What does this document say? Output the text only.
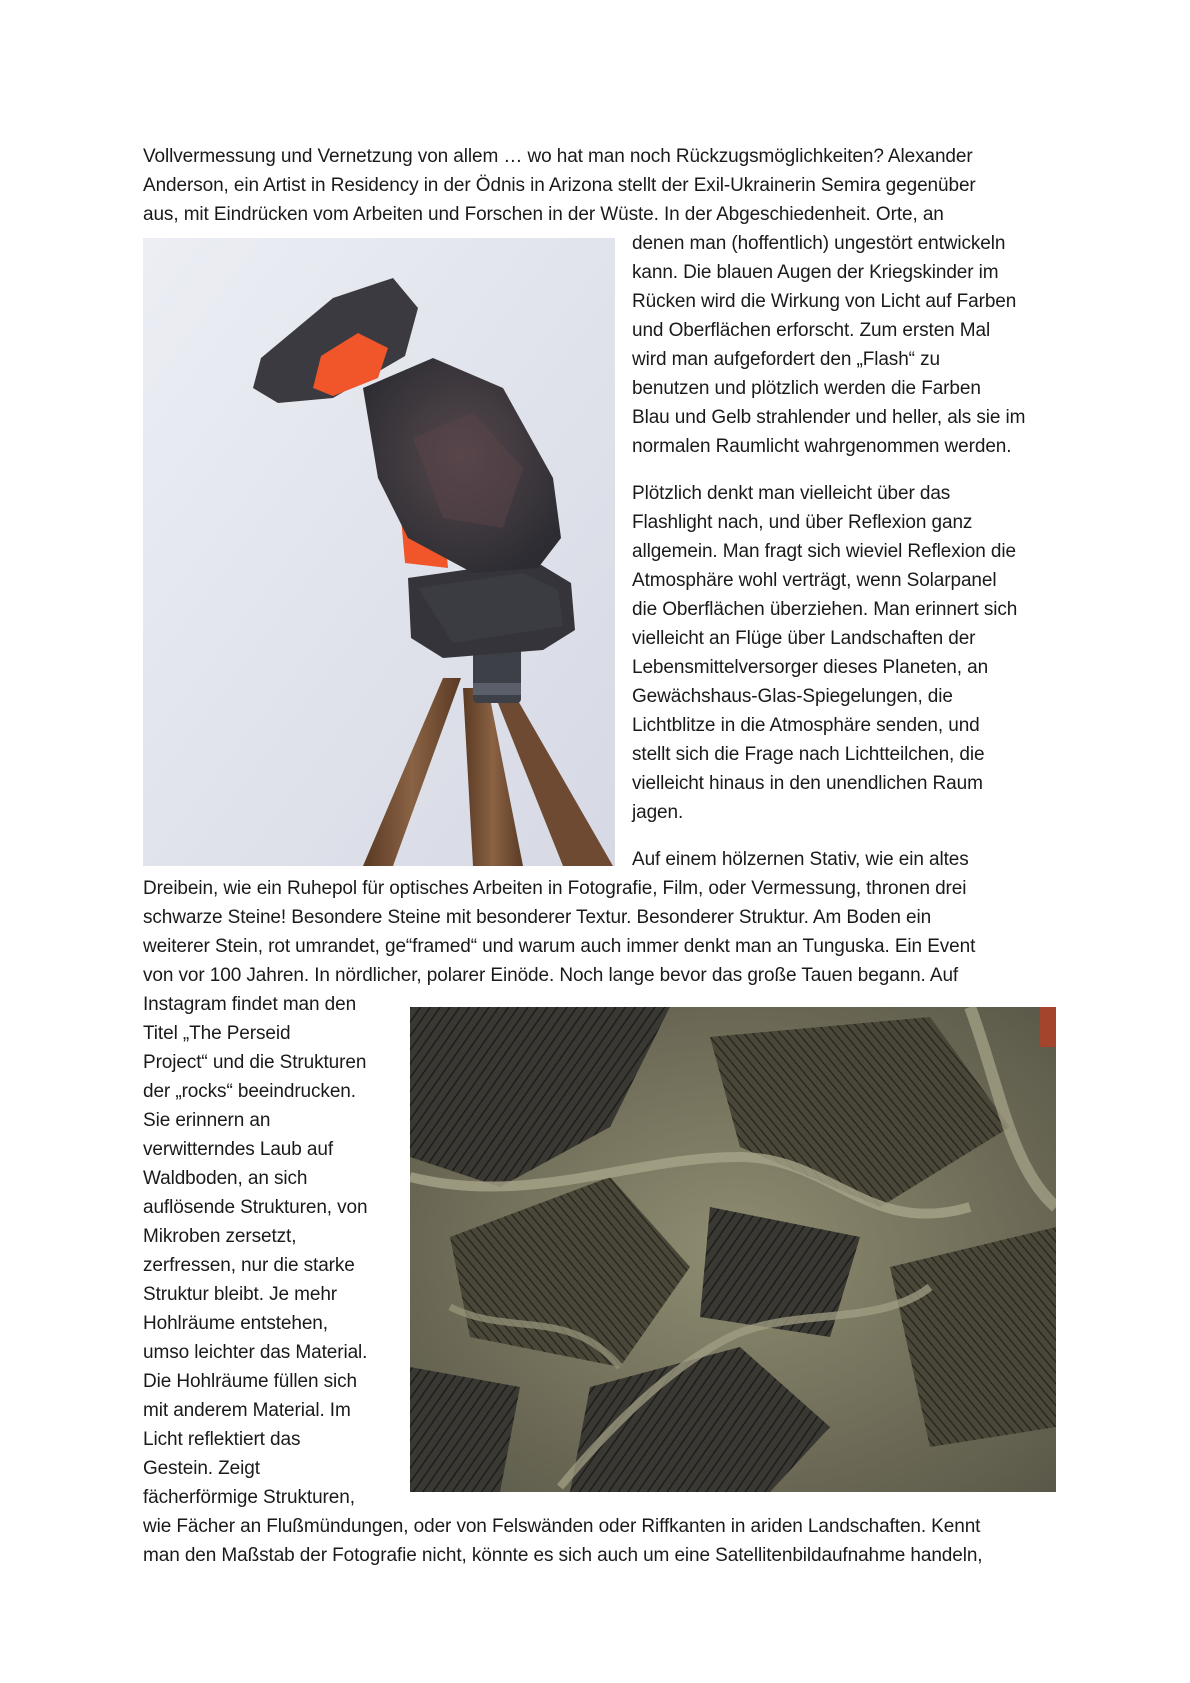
Vollvermessung und Vernetzung von allem … wo hat man noch Rückzugsmöglichkeiten? Alexander
Anderson, ein Artist in Residency in der Ödnis in Arizona stellt der Exil-Ukrainerin Semira gegenüber
aus, mit Eindrücken vom Arbeiten und Forschen in der Wüste. In der Abgeschiedenheit. Orte, an
denen man (hoffentlich) ungestört entwickeln
kann. Die blauen Augen der Kriegskinder im
Rücken wird die Wirkung von Licht auf Farben
und Oberflächen erforscht. Zum ersten Mal
wird man aufgefordert den „Flash“ zu
benutzen und plötzlich werden die Farben
Blau und Gelb strahlender und heller, als sie im
normalen Raumlicht wahrgenommen werden.
Plötzlich denkt man vielleicht über das
Flashlight nach, und über Reflexion ganz
allgemein. Man fragt sich wieviel Reflexion die
Atmosphäre wohl verträgt, wenn Solarpanel
die Oberflächen überziehen. Man erinnert sich
vielleicht an Flüge über Landschaften der
Lebensmittelversorger dieses Planeten, an
Gewächshaus-Glas-Spiegelungen, die
Lichtblitze in die Atmosphäre senden, und
stellt sich die Frage nach Lichtteilchen, die
vielleicht hinaus in den unendlichen Raum
jagen.
Auf einem hölzernen Stativ, wie ein altes
Dreibein, wie ein Ruhepol für optisches Arbeiten in Fotografie, Film, oder Vermessung, thronen drei
schwarze Steine! Besondere Steine mit besonderer Textur. Besonderer Struktur. Am Boden ein
weiterer Stein, rot umrandet, ge“framed“ und warum auch immer denkt man an Tunguska. Ein Event
von vor 100 Jahren. In nördlicher, polarer Einöde. Noch lange bevor das große Tauen begann. Auf
Instagram findet man den
Titel „The Perseid
Project“ und die Strukturen
der „rocks“ beeindrucken.
Sie erinnern an
verwitterndes Laub auf
Waldboden, an sich
auflösende Strukturen, von
Mikroben zersetzt,
zerfressen, nur die starke
Struktur bleibt. Je mehr
Hohlräume entstehen,
umso leichter das Material.
Die Hohlräume füllen sich
mit anderem Material. Im
Licht reflektiert das
Gestein. Zeigt
fächerförmige Strukturen,
wie Fächer an Flußmündungen, oder von Felswänden oder Riffkanten in ariden Landschaften. Kennt
man den Maßstab der Fotografie nicht, könnte es sich auch um eine Satellitenbildaufnahme handeln,
